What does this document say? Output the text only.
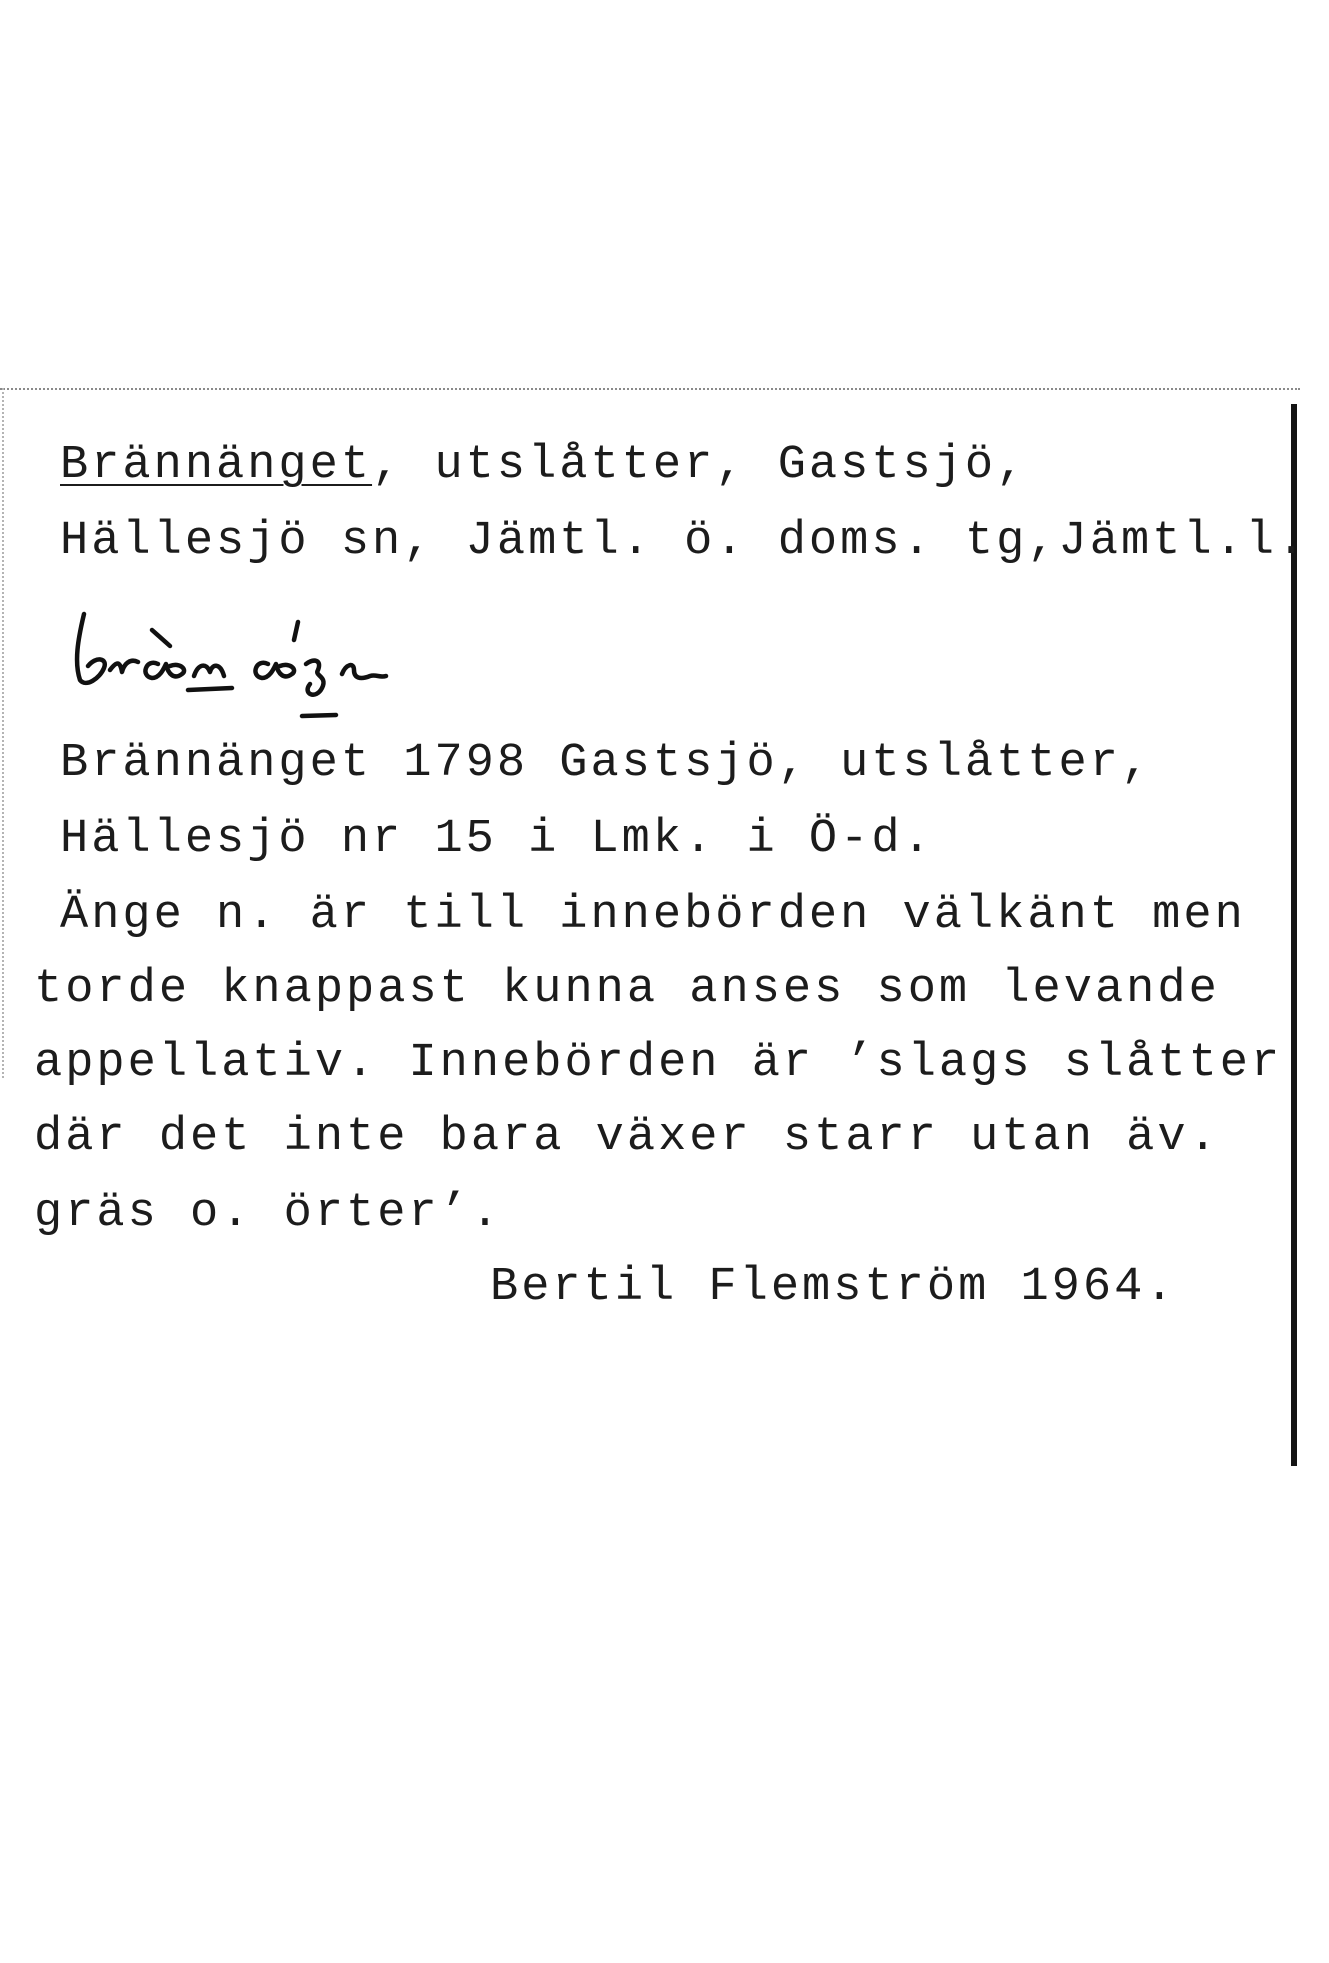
Brännänget, utslåtter, Gastsjö,
Hällesjö sn, Jämtl. ö. doms. tg,Jämtl.l.
Brännänget 1798 Gastsjö, utslåtter,
Hällesjö nr 15 i Lmk. i Ö-d.
Änge n. är till innebörden välkänt men
torde knappast kunna anses som levande
appellativ. Innebörden är ’slags slåtter
där det inte bara växer starr utan äv.
gräs o. örter’.
Bertil Flemström 1964.
